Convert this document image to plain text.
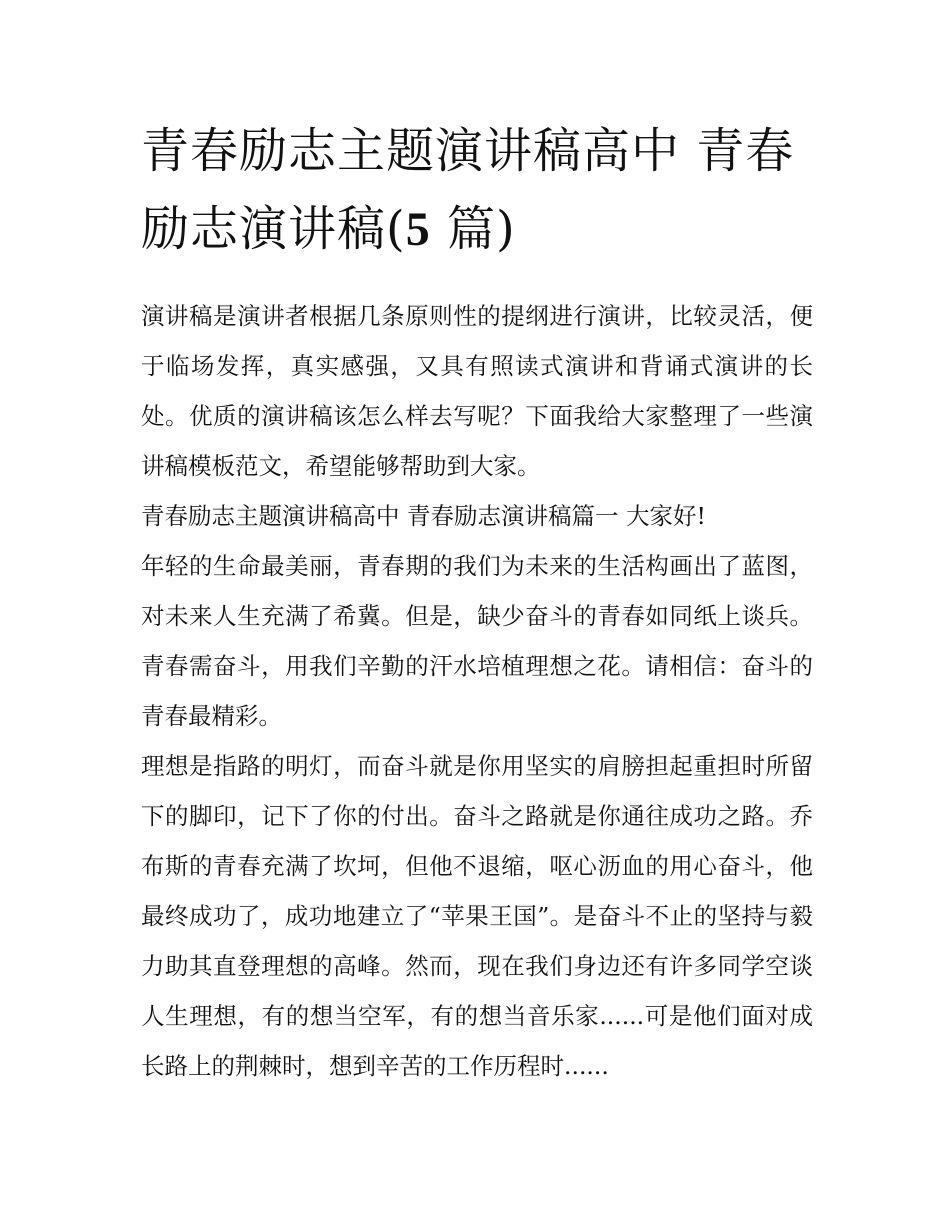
青春励志主题演讲稿高中 青春励志演讲稿(5 篇)

演讲稿是演讲者根据几条原则性的提纲进行演讲，比较灵活，便于临场发挥，真实感强，又具有照读式演讲和背诵式演讲的长处。优质的演讲稿该怎么样去写呢？下面我给大家整理了一些演讲稿模板范文，希望能够帮助到大家。

青春励志主题演讲稿高中 青春励志演讲稿篇一 大家好!

年轻的生命最美丽，青春期的我们为未来的生活构画出了蓝图，对未来人生充满了希冀。但是，缺少奋斗的青春如同纸上谈兵。青春需奋斗，用我们辛勤的汗水培植理想之花。请相信：奋斗的青春最精彩。

理想是指路的明灯，而奋斗就是你用坚实的肩膀担起重担时所留下的脚印，记下了你的付出。奋斗之路就是你通往成功之路。乔布斯的青春充满了坎坷，但他不退缩，呕心沥血的用心奋斗，他最终成功了，成功地建立了“苹果王国”。是奋斗不止的坚持与毅力助其直登理想的高峰。然而，现在我们身边还有许多同学空谈人生理想，有的想当空军，有的想当音乐家......可是他们面对成长路上的荆棘时，想到辛苦的工作历程时......
